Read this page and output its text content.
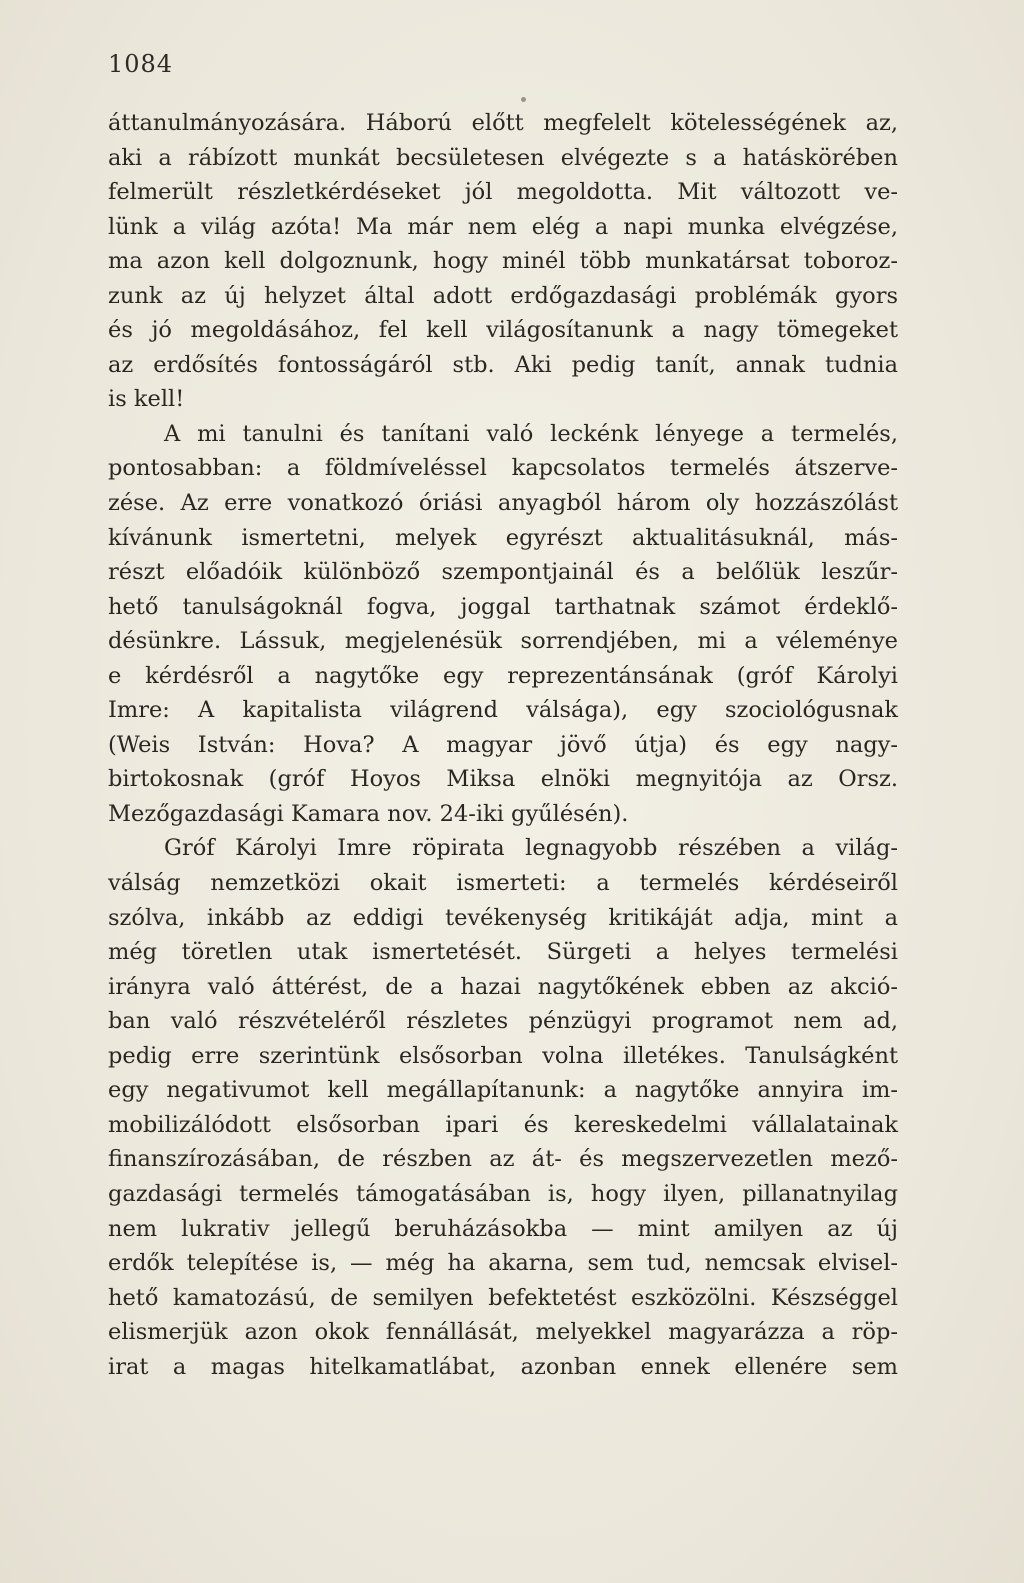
1084
áttanulmányozására. Háború előtt megfelelt kötelességének az,
aki a rábízott munkát becsületesen elvégezte s a hatáskörében
felmerült részletkérdéseket jól megoldotta. Mit változott ve-
lünk a világ azóta! Ma már nem elég a napi munka elvégzése,
ma azon kell dolgoznunk, hogy minél több munkatársat toboroz-
zunk az új helyzet által adott erdőgazdasági problémák gyors
és jó megoldásához, fel kell világosítanunk a nagy tömegeket
az erdősítés fontosságáról stb. Aki pedig tanít, annak tudnia
is kell!
A mi tanulni és tanítani való leckénk lényege a termelés,
pontosabban: a földmíveléssel kapcsolatos termelés átszerve-
zése. Az erre vonatkozó óriási anyagból három oly hozzászólást
kívánunk ismertetni, melyek egyrészt aktualitásuknál, más-
részt előadóik különböző szempontjainál és a belőlük leszűr-
hető tanulságoknál fogva, joggal tarthatnak számot érdeklő-
désünkre. Lássuk, megjelenésük sorrendjében, mi a véleménye
e kérdésről a nagytőke egy reprezentánsának (gróf Károlyi
Imre: A kapitalista világrend válsága), egy szociológusnak
(Weis István: Hova? A magyar jövő útja) és egy nagy-
birtokosnak (gróf Hoyos Miksa elnöki megnyitója az Orsz.
Mezőgazdasági Kamara nov. 24-iki gyűlésén).
Gróf Károlyi Imre röpirata legnagyobb részében a világ-
válság nemzetközi okait ismerteti: a termelés kérdéseiről
szólva, inkább az eddigi tevékenység kritikáját adja, mint a
még töretlen utak ismertetését. Sürgeti a helyes termelési
irányra való áttérést, de a hazai nagytőkének ebben az akció-
ban való részvételéről részletes pénzügyi programot nem ad,
pedig erre szerintünk elsősorban volna illetékes. Tanulságként
egy negativumot kell megállapítanunk: a nagytőke annyira im-
mobilizálódott elsősorban ipari és kereskedelmi vállalatainak
finanszírozásában, de részben az át- és megszervezetlen mező-
gazdasági termelés támogatásában is, hogy ilyen, pillanatnyilag
nem lukrativ jellegű beruházásokba — mint amilyen az új
erdők telepítése is, — még ha akarna, sem tud, nemcsak elvisel-
hető kamatozású, de semilyen befektetést eszközölni. Készséggel
elismerjük azon okok fennállását, melyekkel magyarázza a röp-
irat a magas hitelkamatlábat, azonban ennek ellenére sem
